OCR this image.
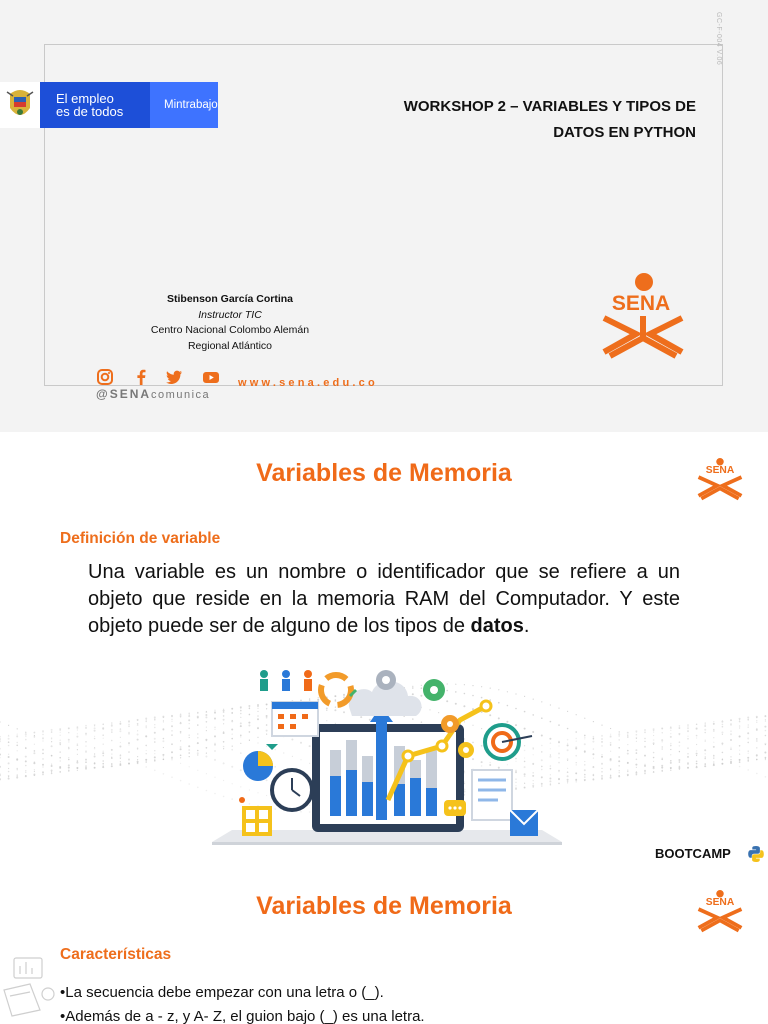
GC-F-004 V.06
El empleo
es de todos	Mintrabajo	WORKSHOP 2 – VARIABLES Y TIPOS DE
DATOS EN PYTHON
Stibenson García Cortina
Instructor TIC
Centro Nacional Colombo Alemán
Regional Atlántico
SENA
@SENAcomunica
www.sena.edu.co
Variables de Memoria	SENA
Definición de variable
Una variable es un nombre o identificador que se refiere a un objeto que reside en la memoria RAM del Computador. Y este objeto puede ser de alguno de los tipos de datos.
BOOTCAMP
Variables de Memoria	SENA
Características
•La secuencia debe empezar con una letra o (_).
•Además de a - z, y A- Z, el guion bajo (_) es una letra.
